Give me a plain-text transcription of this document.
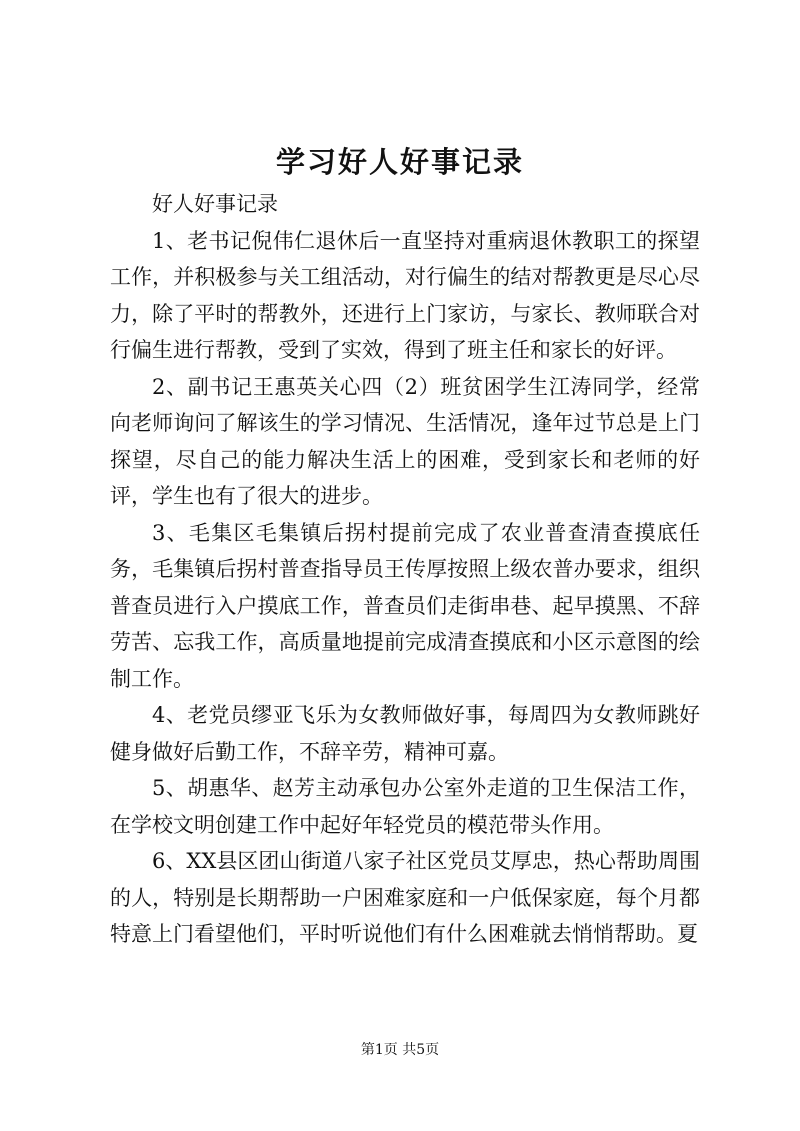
学习好人好事记录

好人好事记录

1、老书记倪伟仁退休后一直坚持对重病退休教职工的探望工作，并积极参与关工组活动，对行偏生的结对帮教更是尽心尽力，除了平时的帮教外，还进行上门家访，与家长、教师联合对行偏生进行帮教，受到了实效，得到了班主任和家长的好评。

2、副书记王惠英关心四（2）班贫困学生江涛同学，经常向老师询问了解该生的学习情况、生活情况，逢年过节总是上门探望，尽自己的能力解决生活上的困难，受到家长和老师的好评，学生也有了很大的进步。

3、毛集区毛集镇后拐村提前完成了农业普查清查摸底任务，毛集镇后拐村普查指导员王传厚按照上级农普办要求，组织普查员进行入户摸底工作，普查员们走街串巷、起早摸黑、不辞劳苦、忘我工作，高质量地提前完成清查摸底和小区示意图的绘制工作。

4、老党员缪亚飞乐为女教师做好事，每周四为女教师跳好健身做好后勤工作，不辞辛劳，精神可嘉。

5、胡惠华、赵芳主动承包办公室外走道的卫生保洁工作，在学校文明创建工作中起好年轻党员的模范带头作用。

6、XX县区团山街道八家子社区党员艾厚忠，热心帮助周围的人，特别是长期帮助一户困难家庭和一户低保家庭，每个月都特意上门看望他们，平时听说他们有什么困难就去悄悄帮助。夏

第1页 共5页
